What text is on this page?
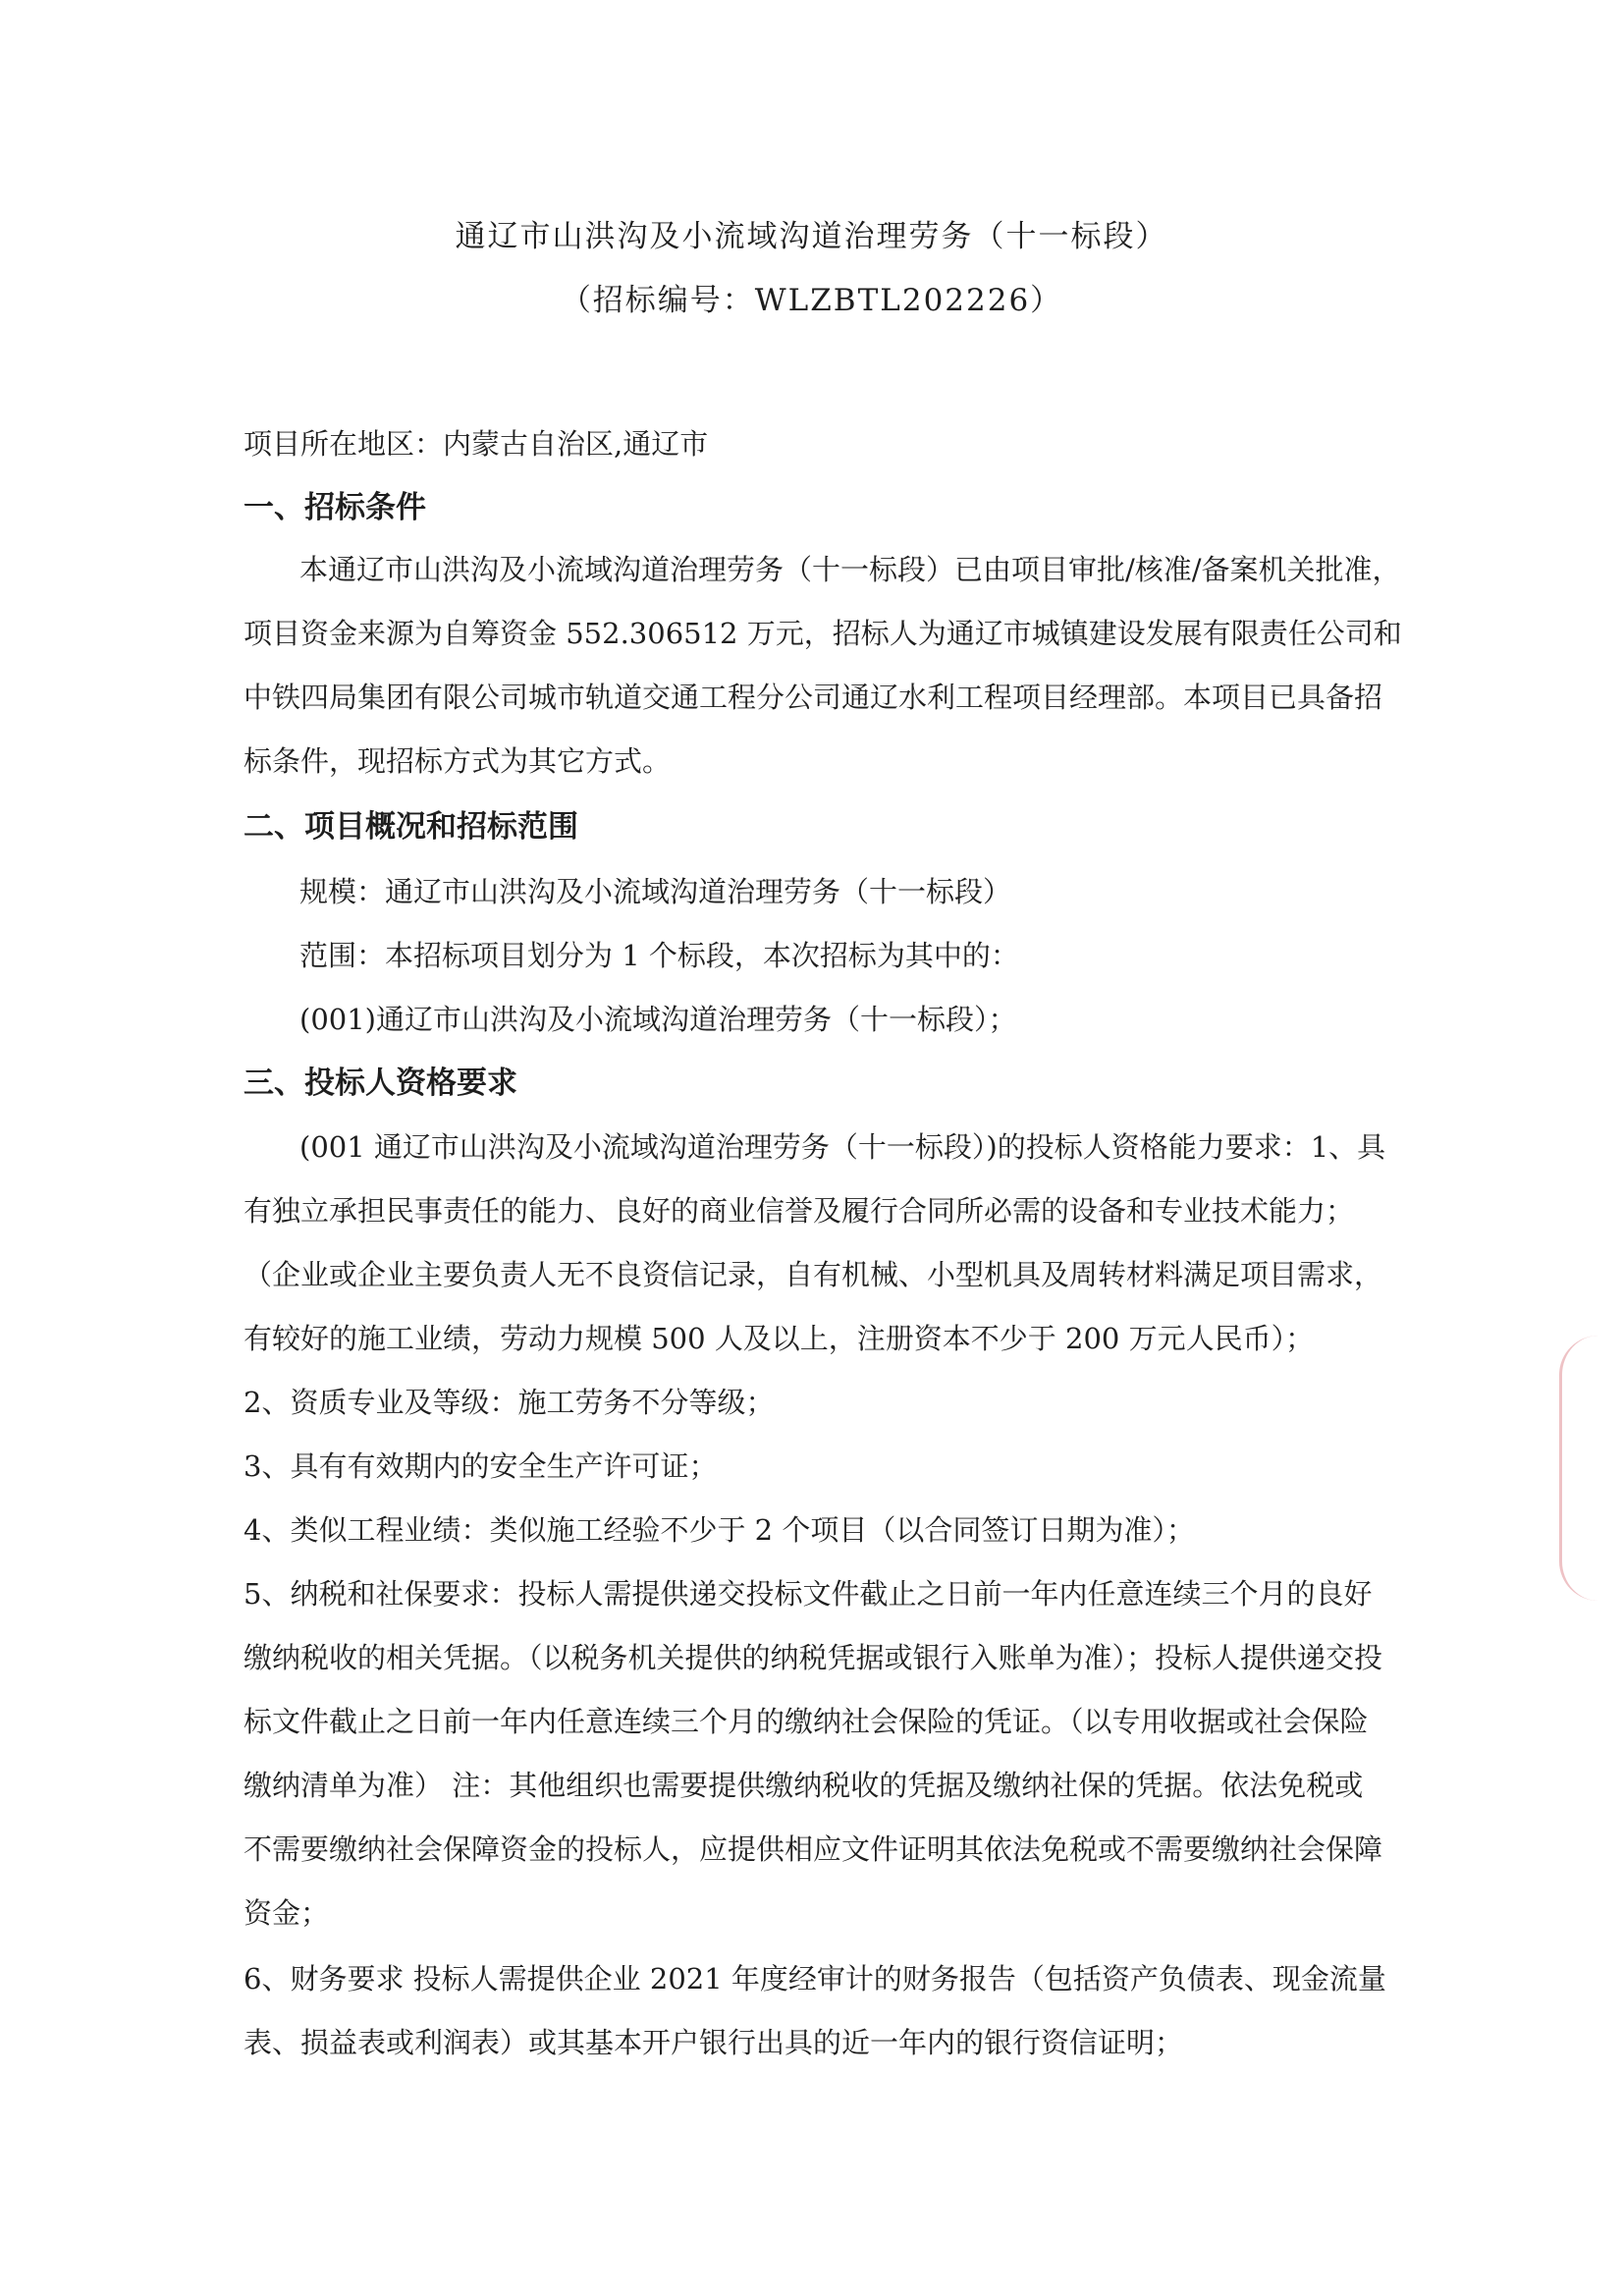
通辽市山洪沟及小流域沟道治理劳务（十一标段）
（招标编号：WLZBTL202226）
项目所在地区：内蒙古自治区,通辽市
一、招标条件
本通辽市山洪沟及小流域沟道治理劳务（十一标段）已由项目审批/核准/备案机关批准，
项目资金来源为自筹资金 552.306512 万元，招标人为通辽市城镇建设发展有限责任公司和
中铁四局集团有限公司城市轨道交通工程分公司通辽水利工程项目经理部。本项目已具备招
标条件，现招标方式为其它方式。
二、项目概况和招标范围
规模：通辽市山洪沟及小流域沟道治理劳务（十一标段）
范围：本招标项目划分为 1 个标段，本次招标为其中的：
(001)通辽市山洪沟及小流域沟道治理劳务（十一标段）；
三、投标人资格要求
(001 通辽市山洪沟及小流域沟道治理劳务（十一标段）)的投标人资格能力要求：1、具
有独立承担民事责任的能力、良好的商业信誉及履行合同所必需的设备和专业技术能力；
（企业或企业主要负责人无不良资信记录，自有机械、小型机具及周转材料满足项目需求，
有较好的施工业绩，劳动力规模 500 人及以上，注册资本不少于 200 万元人民币）；
2、资质专业及等级：施工劳务不分等级；
3、具有有效期内的安全生产许可证；
4、类似工程业绩：类似施工经验不少于 2 个项目（以合同签订日期为准）；
5、纳税和社保要求：投标人需提供递交投标文件截止之日前一年内任意连续三个月的良好
缴纳税收的相关凭据。（以税务机关提供的纳税凭据或银行入账单为准）；投标人提供递交投
标文件截止之日前一年内任意连续三个月的缴纳社会保险的凭证。（以专用收据或社会保险
缴纳清单为准） 注：其他组织也需要提供缴纳税收的凭据及缴纳社保的凭据。依法免税或
不需要缴纳社会保障资金的投标人，应提供相应文件证明其依法免税或不需要缴纳社会保障
资金；
6、财务要求 投标人需提供企业 2021 年度经审计的财务报告（包括资产负债表、现金流量
表、损益表或利润表）或其基本开户银行出具的近一年内的银行资信证明；
